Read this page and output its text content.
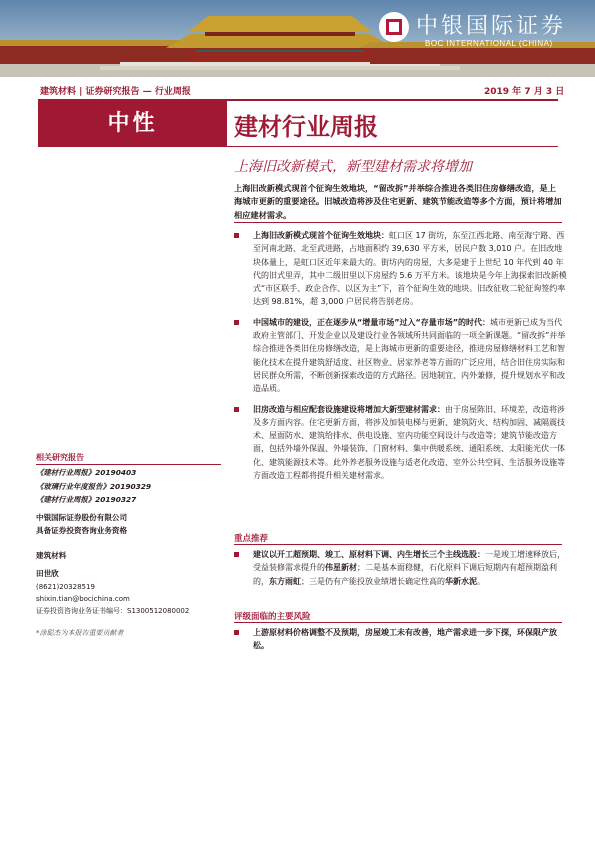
中银国际证券
BOC INTERNATIONAL (CHINA)
建筑材料 | 证券研究报告 — 行业周报	2019 年 7 月 3 日
中性	建材行业周报
上海旧改新模式，新型建材需求将增加

上海旧改新模式现首个征询生效地块，“留改拆”并举综合推进各类旧住房修缮改造，是上海城市更新的重要途径。旧城改造将涉及住宅更新、建筑节能改造等多个方面，预计将增加相应建材需求。

上海旧改新模式现首个征询生效地块：虹口区 17 街坊，东至江西北路、南至海宁路、西至河南北路、北至武进路，占地面积约 39,630 平方米，居民户数 3,010 户。在旧改地块体量上，是虹口区近年来最大的。街坊内的房屋，大多是建于上世纪 10 年代到 40 年代的旧式里弄，其中二级旧里以下房屋约 5.6 万平方米。该地块是今年上海探索旧改新模式“市区联手、政企合作、以区为主”下，首个征询生效的地块。旧改征收二轮征询签约率达到 98.81%，超 3,000 户居民将告别老房。
中国城市的建设，正在逐步从“增量市场”过入“存量市场”的时代：城市更新已成为当代政府主管部门、开发企业以及建设行业各领域所共同面临的一项全新课题。“留改拆”并举综合推进各类旧住房修缮改造，是上海城市更新的重要途径，推进房屋修缮材料工艺和智能化技术在提升建筑舒适度、社区物业、居家养老等方面的广泛应用，结合旧住房实际和居民群众所需，不断创新探索改造的方式路径。因地制宜、内外兼修，提升规划水平和改造品质。
旧房改造与相应配套设施建设将增加大新型建材需求：由于房屋陈旧、环境差，改造将涉及多方面内容。住宅更新方面，将涉及加装电梯与更新、建筑防火、结构加固、减隔震技术、屋面防水、建筑给排水、供电设施、室内功能空间设计与改造等；建筑节能改造方面，包括外墙外保温、外墙装饰、门窗材料、集中供暖系统、通阳系统、太阳能光伏一体化、建筑能源技术等。此外养老服务设施与适老化改造、室外公共空间、生活服务设施等方面改造工程都将提升相关建材需求。
重点推荐
建议以开工超预期、竣工、原材料下调、内生增长三个主线选股：一是竣工增速释放后，受益装修需求提升的伟星新材；二是基本面稳健，石化原料下调后短期内有超预期盈利的，东方雨虹；三是仍有产能投放业绩增长确定性高的华新水泥。
评级面临的主要风险
上游原材料价格调整不及预期，房屋竣工未有改善，地产需求进一步下探，环保限产放松。
相关研究报告
《建材行业周报》20190403
《玻璃行业年度报告》20190329
《建材行业周报》20190327

中银国际证券股份有限公司

具备证券投资咨询业务资格

建筑材料

田世欣

(8621)20328519

shixin.tian@bocichina.com

证券投资咨询业务证书编号：S1300512080002

*涂聪杰为本报告重要贡献者
